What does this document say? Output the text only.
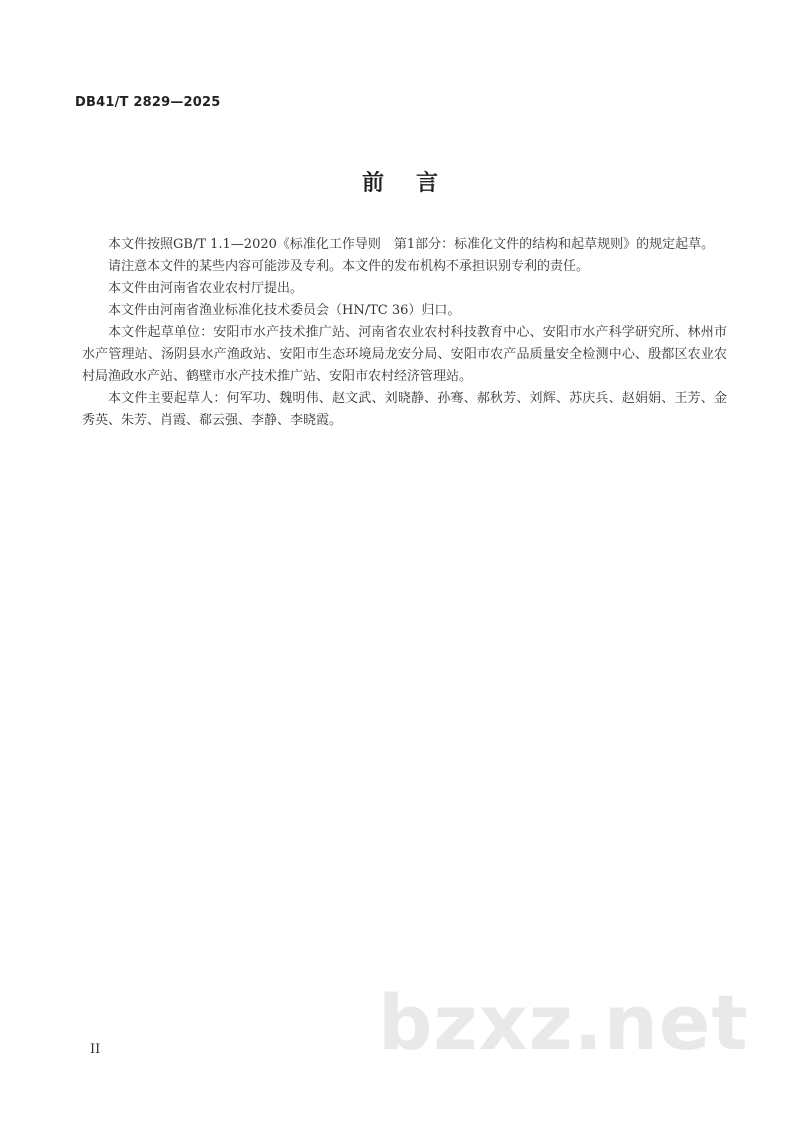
DB41/T 2829—2025
前 言

本文件按照GB/T 1.1—2020《标准化工作导则　第1部分：标准化文件的结构和起草规则》的规定起草。

请注意本文件的某些内容可能涉及专利。本文件的发布机构不承担识别专利的责任。

本文件由河南省农业农村厅提出。

本文件由河南省渔业标准化技术委员会（HN/TC 36）归口。

本文件起草单位：安阳市水产技术推广站、河南省农业农村科技教育中心、安阳市水产科学研究所、林州市水产管理站、汤阴县水产渔政站、安阳市生态环境局龙安分局、安阳市农产品质量安全检测中心、殷都区农业农村局渔政水产站、鹤壁市水产技术推广站、安阳市农村经济管理站。

本文件主要起草人：何军功、魏明伟、赵文武、刘晓静、孙骞、郝秋芳、刘辉、苏庆兵、赵娟娟、王芳、金秀英、朱芳、肖霞、郗云强、李静、李晓霞。

II	bzxz.net
